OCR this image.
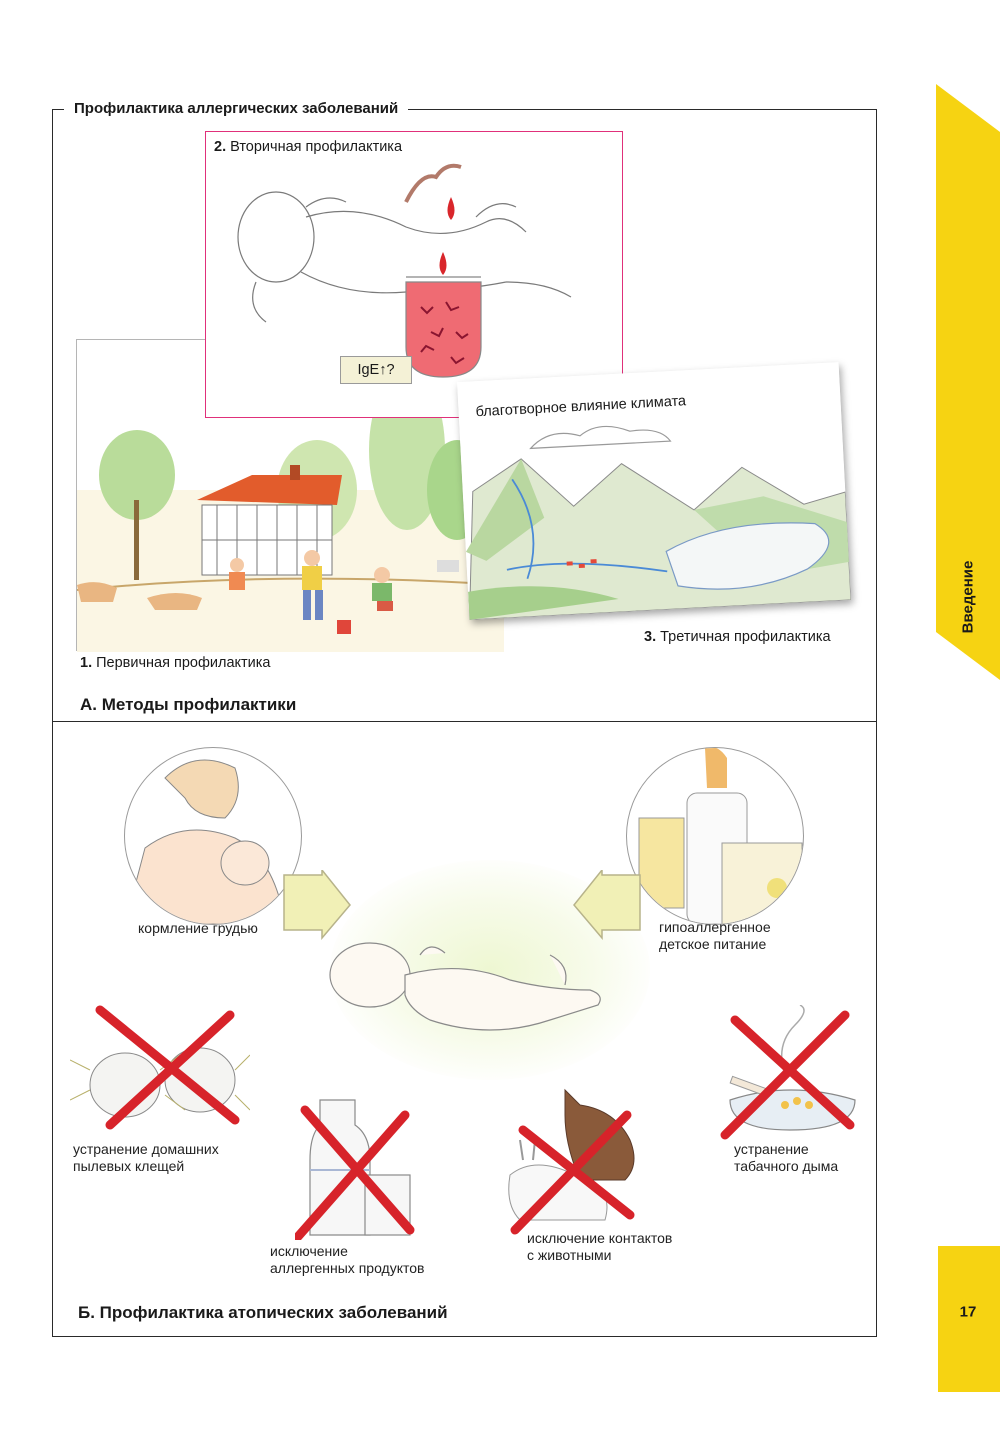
Профилактика аллергических заболеваний
Введение
17
2. Вторичная профилактика
IgE↑?
благотворное влияние климата
1. Первичная профилактика
3. Третичная профилактика
А. Методы профилактики
кормление грудью	гипоаллергенное
детское питание
устранение домашних
пылевых клещей
исключение
аллергенных продуктов
исключение контактов
с животными
устранение
табачного дыма
Б. Профилактика атопических заболеваний
